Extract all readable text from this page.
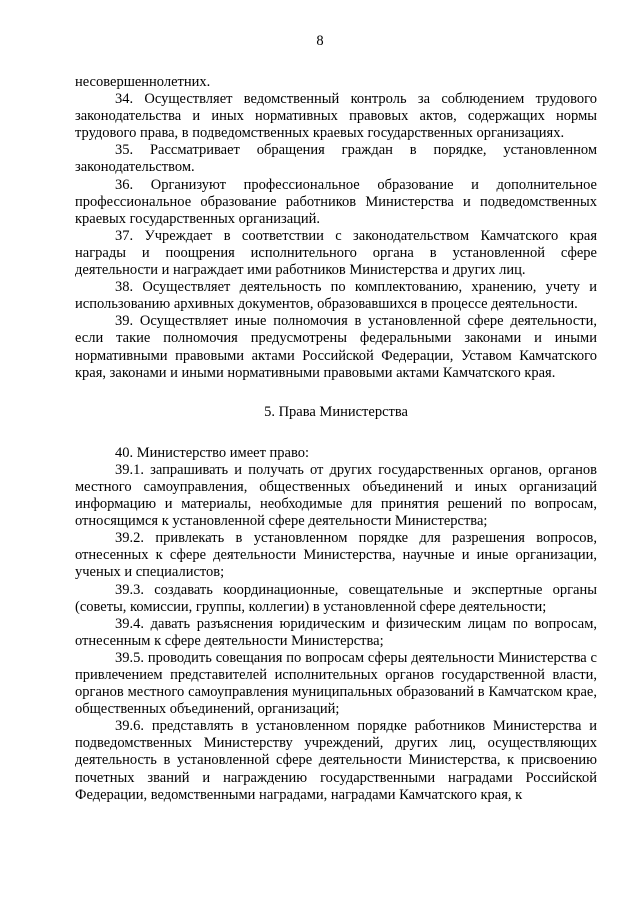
8

несовершеннолетних.

34. Осуществляет ведомственный контроль за соблюдением трудового законодательства и иных нормативных правовых актов, содержащих нормы трудового права, в подведомственных краевых государственных организациях.

35. Рассматривает обращения граждан в порядке, установленном законодательством.

36. Организуют профессиональное образование и дополнительное профессиональное образование работников Министерства и подведомственных краевых государственных организаций.

37. Учреждает в соответствии с законодательством Камчатского края награды и поощрения исполнительного органа в установленной сфере деятельности и награждает ими работников Министерства и других лиц.

38. Осуществляет деятельность по комплектованию, хранению, учету и использованию архивных документов, образовавшихся в процессе деятельности.

39. Осуществляет иные полномочия в установленной сфере деятельности, если такие полномочия предусмотрены федеральными законами и иными нормативными правовыми актами Российской Федерации, Уставом Камчатского края, законами и иными нормативными правовыми актами Камчатского края.

5. Права Министерства

40. Министерство имеет право:

39.1. запрашивать и получать от других государственных органов, органов местного самоуправления, общественных объединений и иных организаций информацию и материалы, необходимые для принятия решений по вопросам, относящимся к установленной сфере деятельности Министерства;

39.2. привлекать в установленном порядке для разрешения вопросов, отнесенных к сфере деятельности Министерства, научные и иные организации, ученых и специалистов;

39.3. создавать координационные, совещательные и экспертные органы (советы, комиссии, группы, коллегии) в установленной сфере деятельности;

39.4. давать разъяснения юридическим и физическим лицам по вопросам, отнесенным к сфере деятельности Министерства;

39.5. проводить совещания по вопросам сферы деятельности Министерства с привлечением представителей исполнительных органов государственной власти, органов местного самоуправления муниципальных образований в Камчатском крае, общественных объединений, организаций;

39.6. представлять в установленном порядке работников Министерства и подведомственных Министерству учреждений, других лиц, осуществляющих деятельность в установленной сфере деятельности Министерства, к присвоению почетных званий и награждению государственными наградами Российской Федерации, ведомственными наградами, наградами Камчатского края, к
